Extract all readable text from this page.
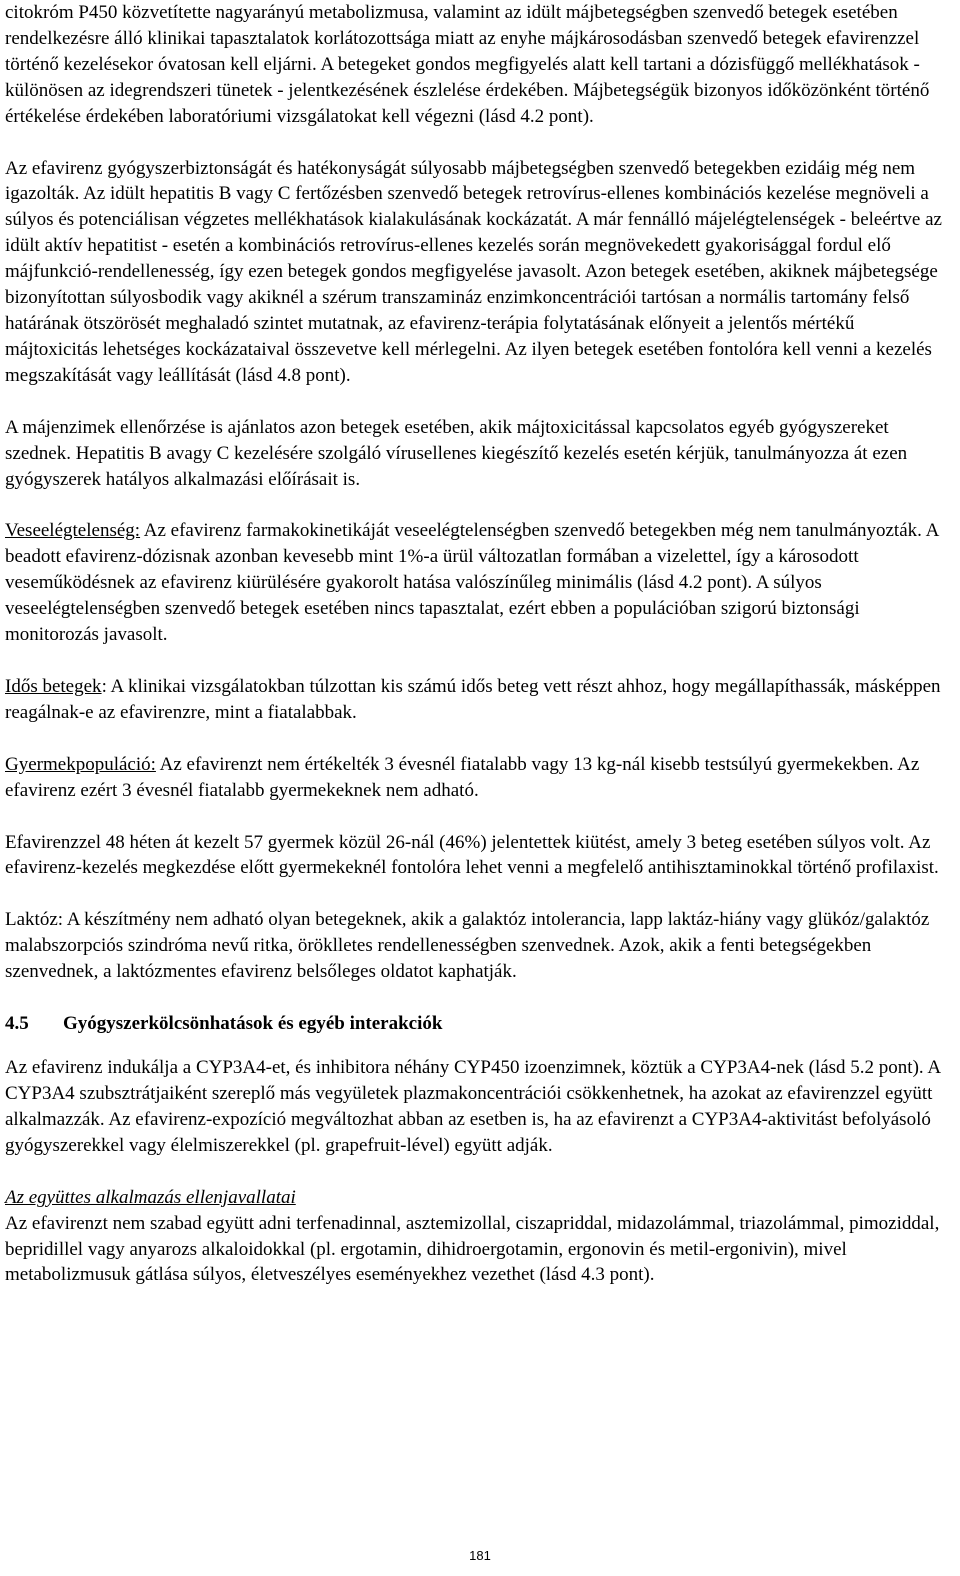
citokróm P450 közvetítette nagyarányú metabolizmusa, valamint az idült májbetegségben szenvedő betegek esetében rendelkezésre álló klinikai tapasztalatok korlátozottsága miatt az enyhe májkárosodásban szenvedő betegek efavirenzzel történő kezelésekor óvatosan kell eljárni. A betegeket gondos megfigyelés alatt kell tartani a dózisfüggő mellékhatások - különösen az idegrendszeri tünetek - jelentkezésének észlelése érdekében. Májbetegségük bizonyos időközönként történő értékelése érdekében laboratóriumi vizsgálatokat kell végezni (lásd 4.2 pont).

Az efavirenz gyógyszerbiztonságát és hatékonyságát súlyosabb májbetegségben szenvedő betegekben ezidáig még nem igazolták. Az idült hepatitis B vagy C fertőzésben szenvedő betegek retrovírus-ellenes kombinációs kezelése megnöveli a súlyos és potenciálisan végzetes mellékhatások kialakulásának kockázatát. A már fennálló májelégtelenségek - beleértve az idült aktív hepatitist - esetén a kombinációs retrovírus-ellenes kezelés során megnövekedett gyakorisággal fordul elő májfunkció-rendellenesség, így ezen betegek gondos megfigyelése javasolt. Azon betegek esetében, akiknek májbetegsége bizonyítottan súlyosbodik vagy akiknél a szérum transzamináz enzimkoncentrációi tartósan a normális tartomány felső határának ötszörösét meghaladó szintet mutatnak, az efavirenz-terápia folytatásának előnyeit a jelentős mértékű májtoxicitás lehetséges kockázataival összevetve kell mérlegelni. Az ilyen betegek esetében fontolóra kell venni a kezelés megszakítását vagy leállítását (lásd 4.8 pont).

A májenzimek ellenőrzése is ajánlatos azon betegek esetében, akik májtoxicitással kapcsolatos egyéb gyógyszereket szednek. Hepatitis B avagy C kezelésére szolgáló vírusellenes kiegészítő kezelés esetén kérjük, tanulmányozza át ezen gyógyszerek hatályos alkalmazási előírásait is.

Veseelégtelenség: Az efavirenz farmakokinetikáját veseelégtelenségben szenvedő betegekben még nem tanulmányozták. A beadott efavirenz-dózisnak azonban kevesebb mint 1%-a ürül változatlan formában a vizelettel, így a károsodott veseműködésnek az efavirenz kiürülésére gyakorolt hatása valószínűleg minimális (lásd 4.2 pont). A súlyos veseelégtelenségben szenvedő betegek esetében nincs tapasztalat, ezért ebben a populációban szigorú biztonsági monitorozás javasolt.

Idős betegek: A klinikai vizsgálatokban túlzottan kis számú idős beteg vett részt ahhoz, hogy megállapíthassák, másképpen reagálnak-e az efavirenzre, mint a fiatalabbak.

Gyermekpopuláció: Az efavirenzt nem értékelték 3 évesnél fiatalabb vagy 13 kg-nál kisebb testsúlyú gyermekekben. Az efavirenz ezért 3 évesnél fiatalabb gyermekeknek nem adható.

Efavirenzzel 48 héten át kezelt 57 gyermek közül 26-nál (46%) jelentettek kiütést, amely 3 beteg esetében súlyos volt. Az efavirenz-kezelés megkezdése előtt gyermekeknél fontolóra lehet venni a megfelelő antihisztaminokkal történő profilaxist.

Laktóz: A készítmény nem adható olyan betegeknek, akik a galaktóz intolerancia, lapp laktáz-hiány vagy glükóz/galaktóz malabszorpciós szindróma nevű ritka, öröklletes rendellenességben szenvednek. Azok, akik a fenti betegségekben szenvednek, a laktózmentes efavirenz belsőleges oldatot kaphatják.

4.5 Gyógyszerkölcsönhatások és egyéb interakciók

Az efavirenz indukálja a CYP3A4-et, és inhibitora néhány CYP450 izoenzimnek, köztük a CYP3A4-nek (lásd 5.2 pont). A CYP3A4 szubsztrátjaiként szereplő más vegyületek plazmakoncentrációi csökkenhetnek, ha azokat az efavirenzzel együtt alkalmazzák. Az efavirenz-expozíció megváltozhat abban az esetben is, ha az efavirenzt a CYP3A4-aktivitást befolyásoló gyógyszerekkel vagy élelmiszerekkel (pl. grapefruit-lével) együtt adják.

Az együttes alkalmazás ellenjavallatai

Az efavirenzt nem szabad együtt adni terfenadinnal, asztemizollal, ciszapriddal, midazolámmal, triazolámmal, pimoziddal, bepridillel vagy anyarozs alkaloidokkal (pl. ergotamin, dihidroergotamin, ergonovin és metil-ergonivin), mivel metabolizmusuk gátlása súlyos, életveszélyes eseményekhez vezethet (lásd 4.3 pont).

181
